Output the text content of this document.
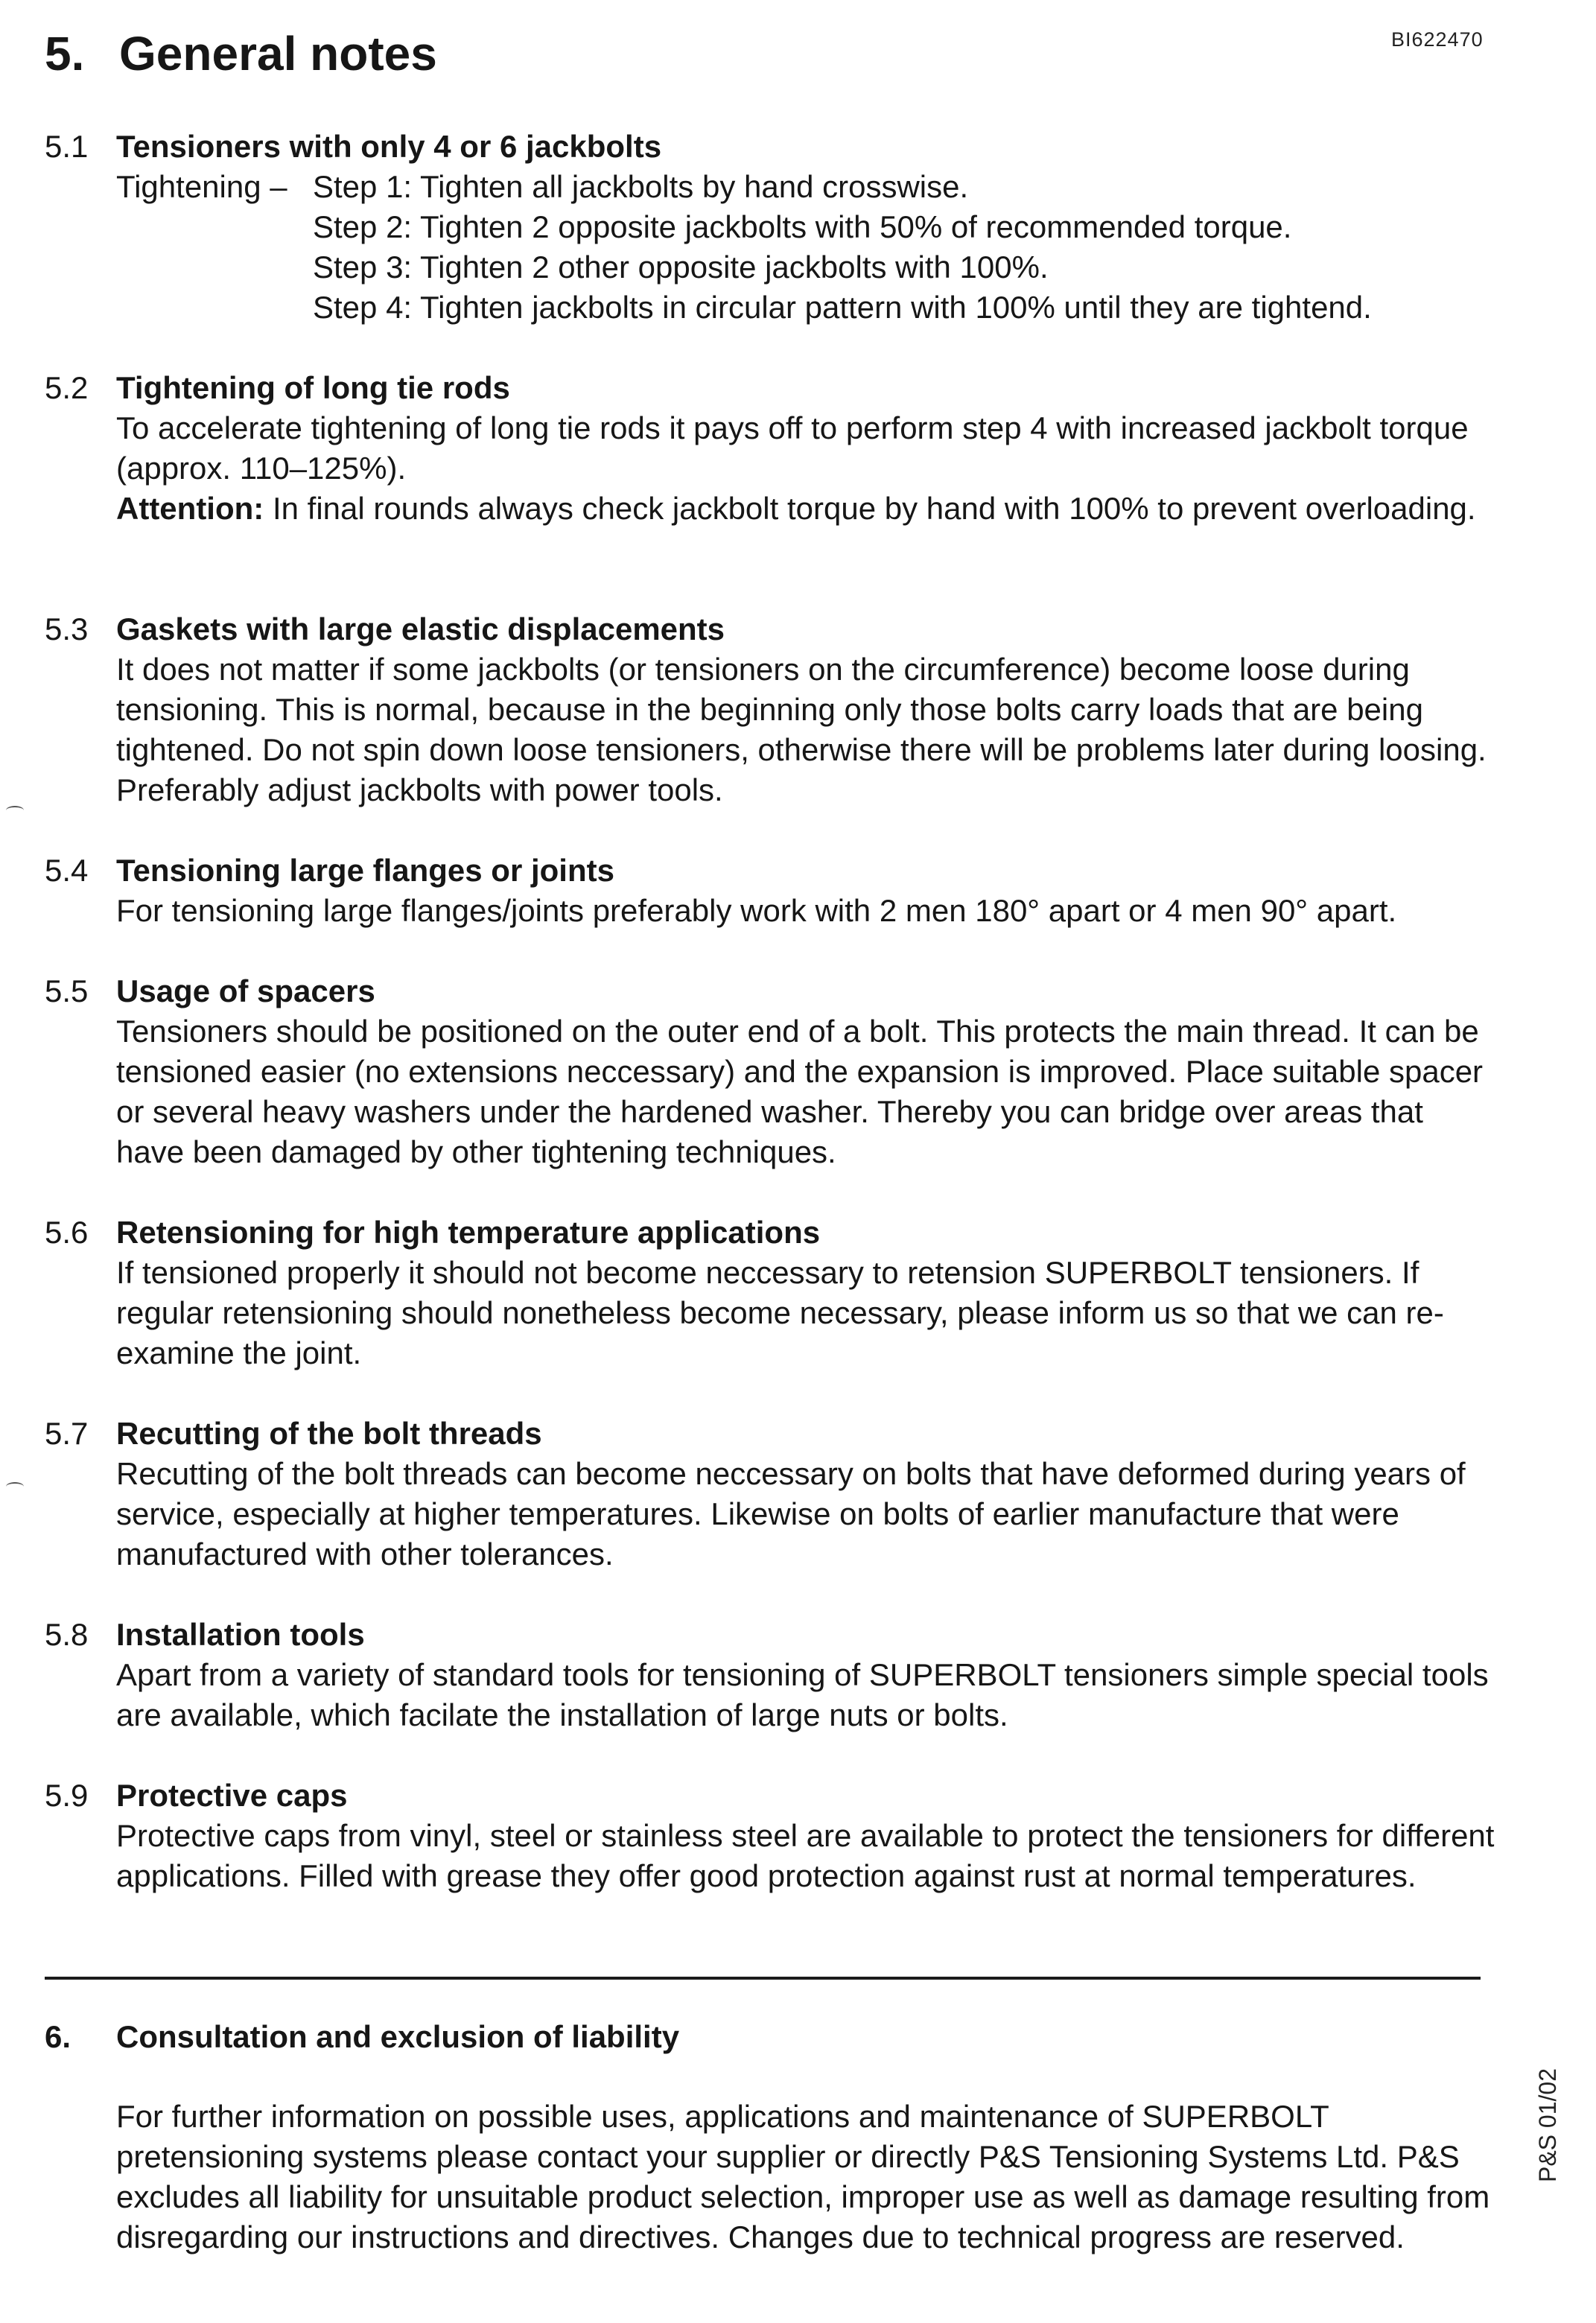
BI622470
5. General notes
5.1 Tensioners with only 4 or 6 jackbolts
Tightening – Step 1: Tighten all jackbolts by hand crosswise.
Step 2: Tighten 2 opposite jackbolts with 50% of recommended torque.
Step 3: Tighten 2 other opposite jackbolts with 100%.
Step 4: Tighten jackbolts in circular pattern with 100% until they are tightend.
5.2 Tightening of long tie rods

To accelerate tightening of long tie rods it pays off to perform step 4 with increased jackbolt torque (approx. 110–125%).

Attention: In final rounds always check jackbolt torque by hand with 100% to prevent overloading.

5.3 Gaskets with large elastic displacements

It does not matter if some jackbolts (or tensioners on the circumference) become loose during tensioning. This is normal, because in the beginning only those bolts carry loads that are being tightened. Do not spin down loose tensioners, otherwise there will be problems later during loosing. Preferably adjust jackbolts with power tools.

5.4 Tensioning large flanges or joints

For tensioning large flanges/joints preferably work with 2 men 180° apart or 4 men 90° apart.

5.5 Usage of spacers

Tensioners should be positioned on the outer end of a bolt. This protects the main thread. It can be tensioned easier (no extensions neccessary) and the expansion is improved. Place suitable spacer or several heavy washers under the hardened washer. Thereby you can bridge over areas that have been damaged by other tightening techniques.

5.6 Retensioning for high temperature applications

If tensioned properly it should not become neccessary to retension SUPERBOLT tensioners. If regular retensioning should nonetheless become necessary, please inform us so that we can re-examine the joint.

5.7 Recutting of the bolt threads

Recutting of the bolt threads can become neccessary on bolts that have deformed during years of service, especially at higher temperatures. Likewise on bolts of earlier manufacture that were manufactured with other tolerances.

5.8 Installation tools

Apart from a variety of standard tools for tensioning of SUPERBOLT tensioners simple special tools are available, which facilate the installation of large nuts or bolts.

5.9 Protective caps

Protective caps from vinyl, steel or stainless steel are available to protect the tensioners for different applications. Filled with grease they offer good protection against rust at normal temperatures.

6. Consultation and exclusion of liability

For further information on possible uses, applications and maintenance of SUPERBOLT pretensioning systems please contact your supplier or directly P&S Tensioning Systems Ltd. P&S excludes all liability for unsuitable product selection, improper use as well as damage resulting from disregarding our instructions and directives. Changes due to technical progress are reserved.

P&S 01/02
